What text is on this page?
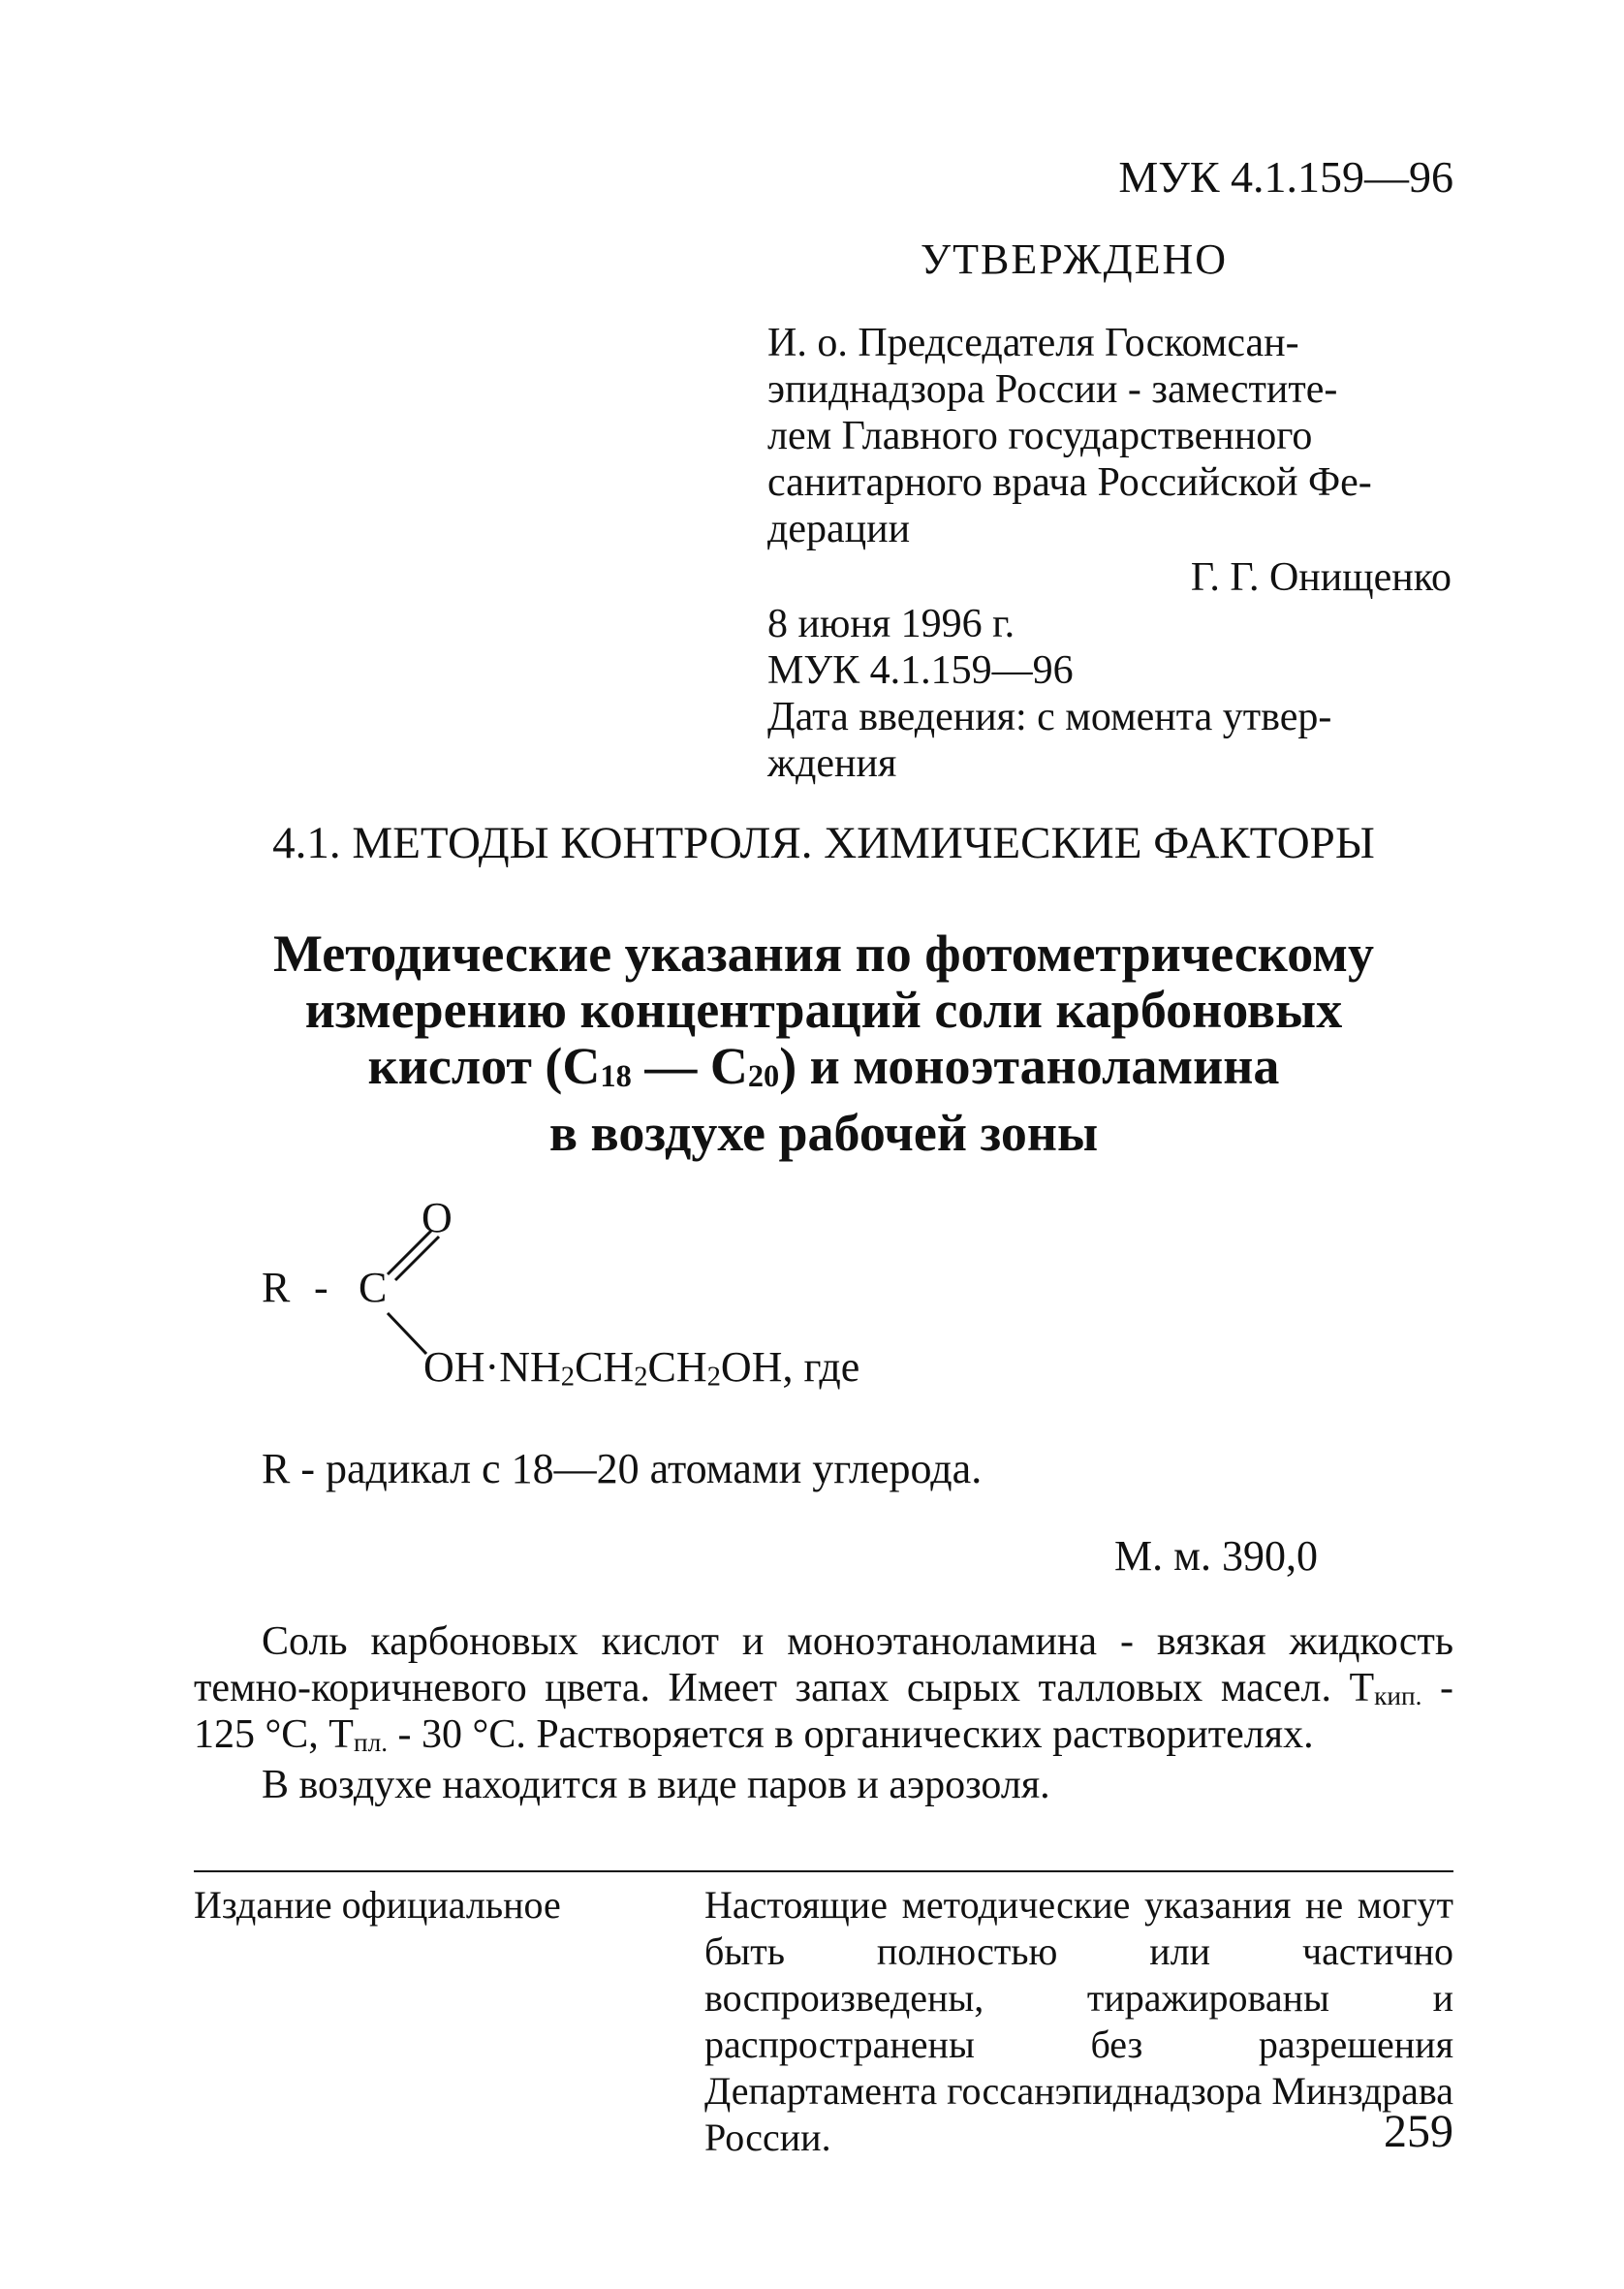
МУК 4.1.159—96
УТВЕРЖДЕНО
И. о. Председателя Госкомсан-
эпиднадзора России - заместите-
лем Главного государственного
санитарного врача Российской Фе-
дерации
Г. Г. Онищенко
8 июня 1996 г.
МУК 4.1.159—96
Дата введения: с момента утвер-
ждения
4.1. МЕТОДЫ КОНТРОЛЯ. ХИМИЧЕСКИЕ ФАКТОРЫ
Методические указания по фотометрическому
измерению концентраций соли карбоновых
кислот (С18 — С20) и моноэтаноламина
в воздухе рабочей зоны
O
R - C
$OH\cdot NH_2CH_2CH_2OH$, где
R - радикал с 18—20 атомами углерода.
М. м. 390,0

Соль карбоновых кислот и моноэтаноламина - вязкая жидкость темно-коричневого цвета. Имеет запах сырых талловых масел. $Т_{кип.} - 125$ °С, $Т_{пл.} - 30$ °С. Растворяется в органических растворителях.

В воздухе находится в виде паров и аэрозоля.

Издание официальное	Настоящие методические указания не могут быть полностью или частично воспроизведены, тиражированы и распространены без разрешения Департамента госсанэпиднадзора Минздрава России.	259
